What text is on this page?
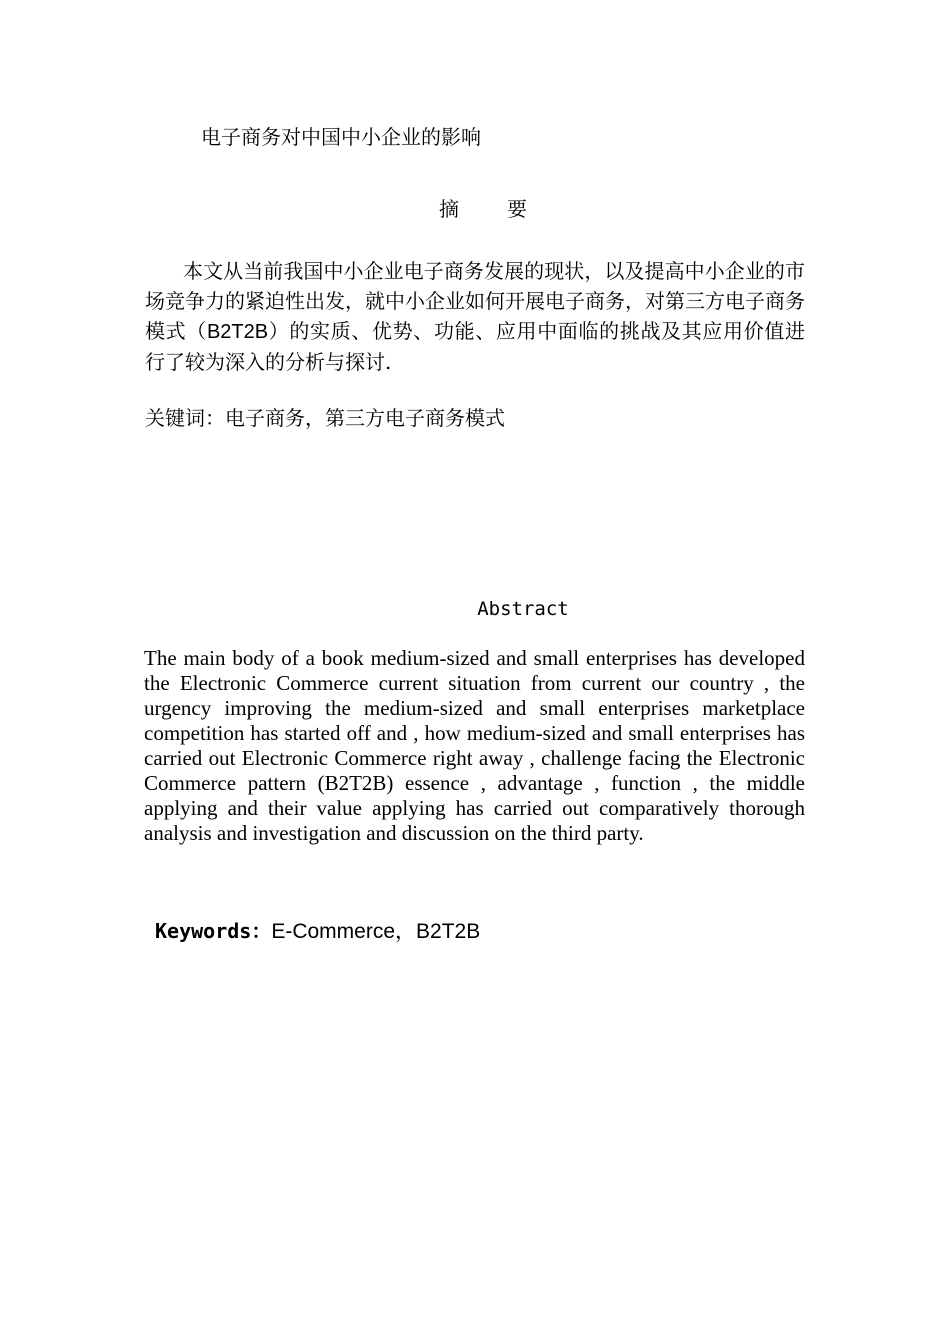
电子商务对中国中小企业的影响
摘 要

本文从当前我国中小企业电子商务发展的现状，以及提高中小企业的市场竞争力的紧迫性出发，就中小企业如何开展电子商务，对第三方电子商务模式（B2T2B）的实质、优势、功能、应用中面临的挑战及其应用价值进行了较为深入的分析与探讨.

关键词：电子商务，第三方电子商务模式
Abstract

The main body of a book medium-sized and small enterprises has developed the Electronic Commerce current situation from current our country , the urgency improving the medium-sized and small enterprises marketplace competition has started off and , how medium-sized and small enterprises has carried out Electronic Commerce right away , challenge facing the Electronic Commerce pattern (B2T2B) essence , advantage , function , the middle applying and their value applying has carried out comparatively thorough analysis and investigation and discussion on the third party.

Keywords：E-Commerce，B2T2B
